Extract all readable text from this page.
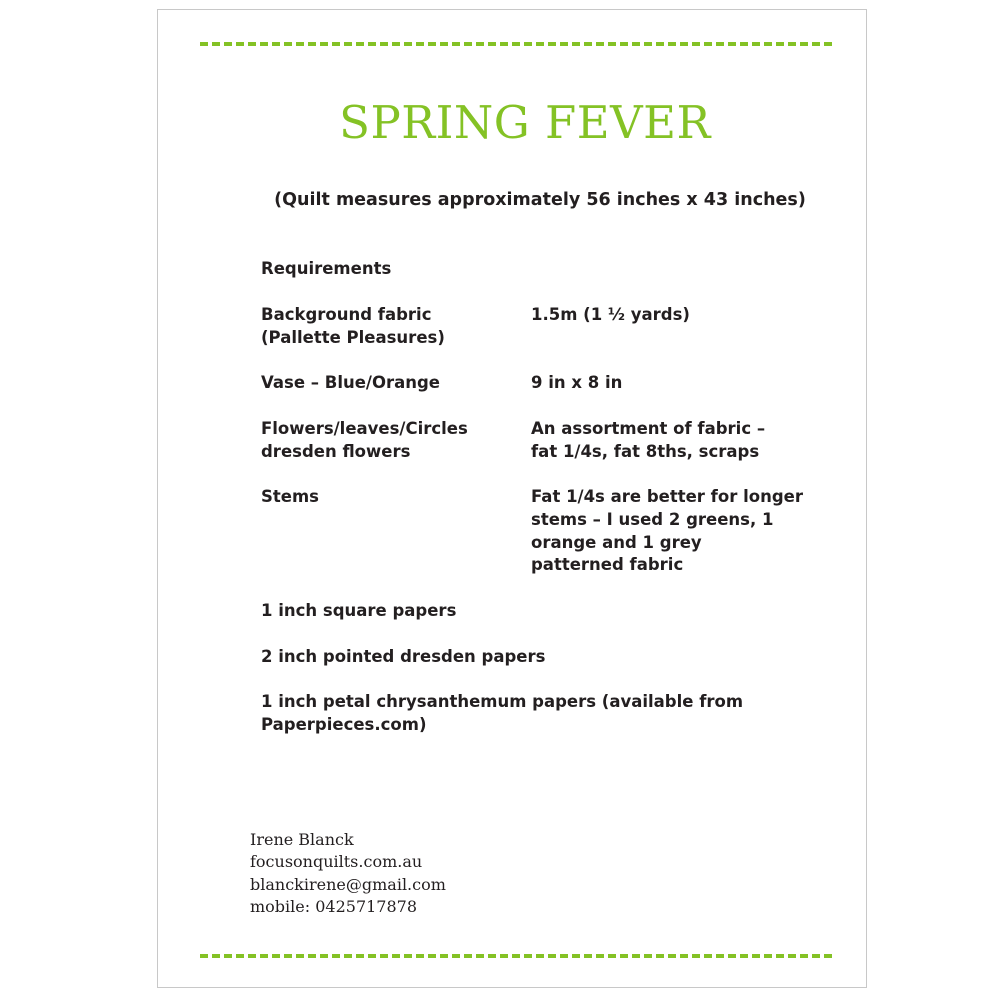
SPRING FEVER
(Quilt measures approximately 56 inches x 43 inches)
Requirements
Background fabric
(Pallette Pleasures)
1.5m (1 ½ yards)
Vase – Blue/Orange	9 in x 8 in
Flowers/leaves/Circles
dresden flowers
An assortment of fabric –
fat 1/4s, fat 8ths, scraps
Stems	Fat 1/4s are better for longer
stems – I used 2 greens, 1
orange and 1 grey
patterned fabric
1 inch square papers
2 inch pointed dresden papers
1 inch petal chrysanthemum papers (available from
Paperpieces.com)
Irene Blanck
focusonquilts.com.au
blanckirene@gmail.com
mobile: 0425717878
